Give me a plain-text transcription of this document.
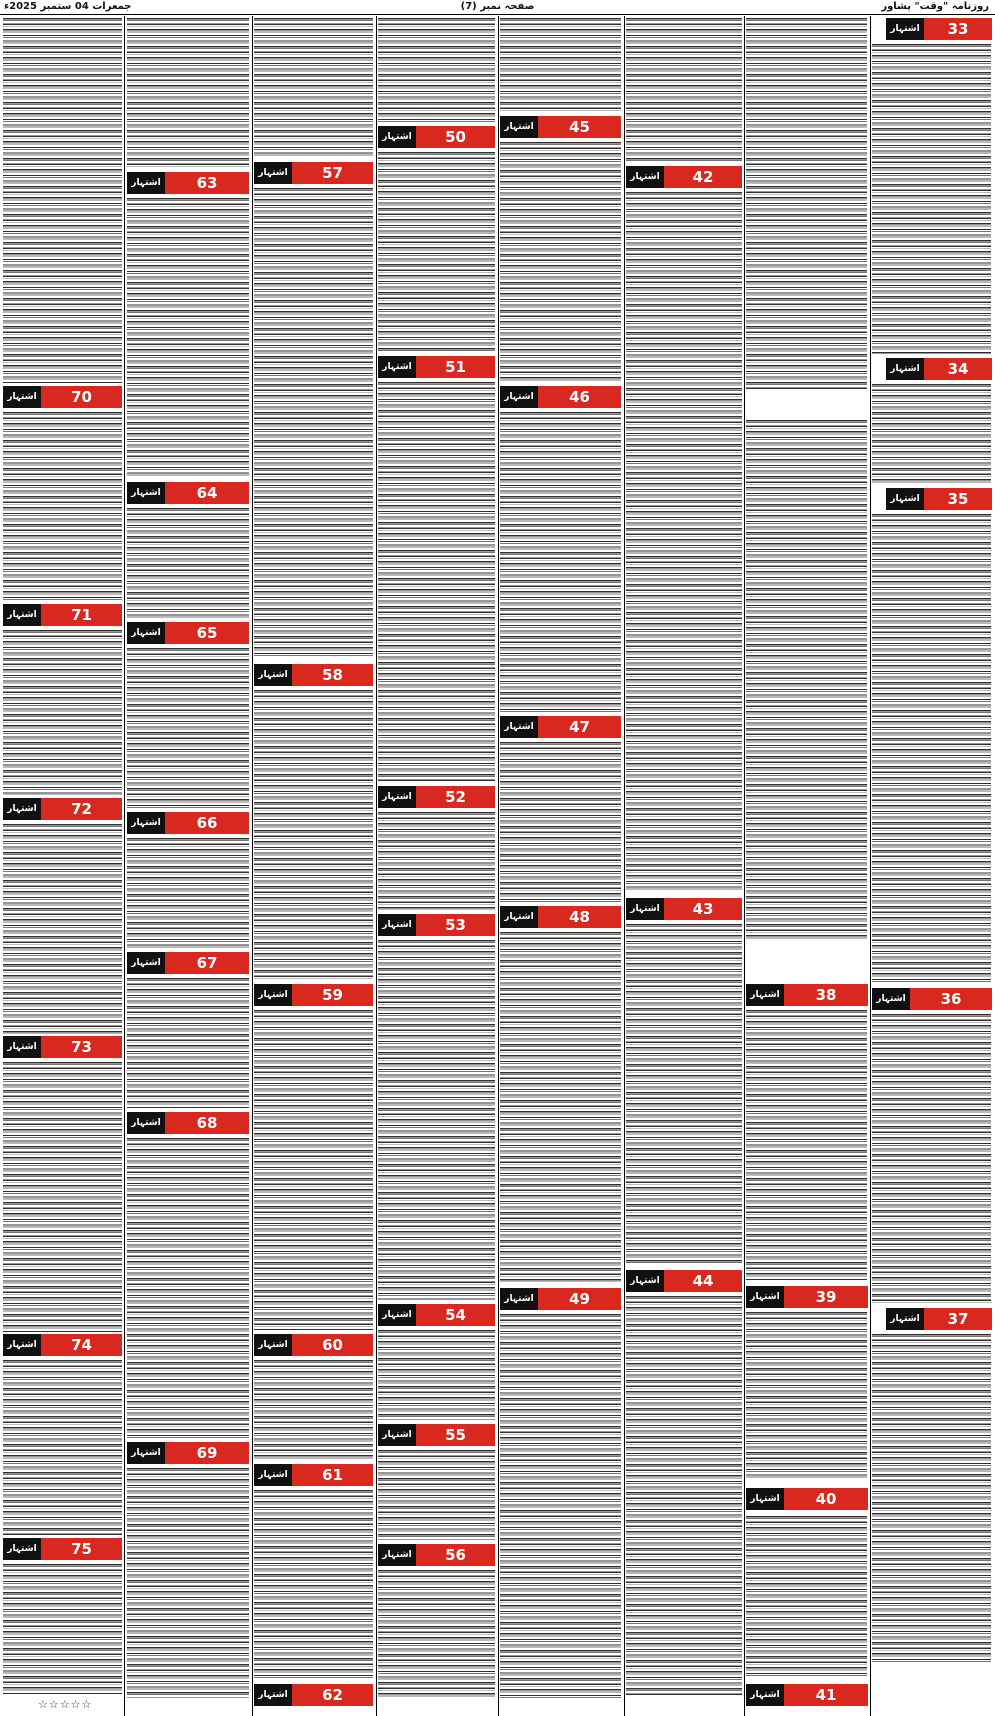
جمعرات 04 ستمبر 2025ء	صفحہ نمبر (7)	روزنامہ "وقت" پشاور
اشتہار	33
اشتہار	34
اشتہار	35
اشتہار	36
اشتہار	37
اشتہار	38
اشتہار	39
اشتہار	40
اشتہار	41
اشتہار	42
اشتہار	43
اشتہار	44
اشتہار	45
اشتہار	46
اشتہار	47
اشتہار	48
اشتہار	49
اشتہار	50
اشتہار	51
اشتہار	52
اشتہار	53
اشتہار	54
اشتہار	55
اشتہار	56
اشتہار	57
اشتہار	58
اشتہار	59
اشتہار	60
اشتہار	61
اشتہار	62
اشتہار	63
اشتہار	64
اشتہار	65
اشتہار	66
اشتہار	67
اشتہار	68
اشتہار	69
اشتہار	70
اشتہار	71
اشتہار	72
اشتہار	73
اشتہار	74
اشتہار	75
☆☆☆☆☆
